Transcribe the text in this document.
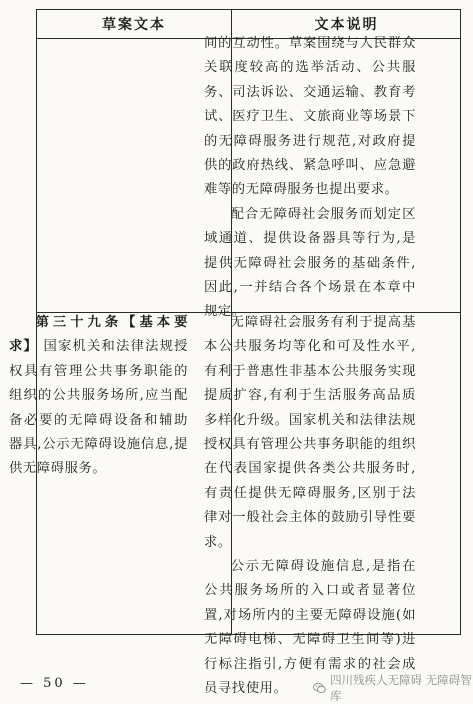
草案文本	文本说明

间的互动性。草案围绕与人民群众关联度较高的选举活动、公共服务、司法诉讼、交通运输、教育考试、医疗卫生、文旅商业等场景下的无障碍服务进行规范,对政府提供的政府热线、紧急呼叫、应急避难等的无障碍服务也提出要求。

配合无障碍社会服务而划定区域通道、提供设备器具等行为,是提供无障碍社会服务的基础条件,因此,一并结合各个场景在本章中规定。

第三十九条【基本要求】 国家机关和法律法规授权具有管理公共事务职能的组织的公共服务场所,应当配备必要的无障碍设备和辅助器具,公示无障碍设施信息,提供无障碍服务。

无障碍社会服务有利于提高基本公共服务均等化和可及性水平,有利于普惠性非基本公共服务实现提质扩容,有利于生活服务高品质多样化升级。国家机关和法律法规授权具有管理公共事务职能的组织在代表国家提供各类公共服务时,有责任提供无障碍服务,区别于法律对一般社会主体的鼓励引导性要求。

公示无障碍设施信息,是指在公共服务场所的入口或者显著位置,对场所内的主要无障碍设施(如无障碍电梯、无障碍卫生间等)进行标注指引,方便有需求的社会成员寻找使用。

— 50 —	四川残疾人无障碍 无障碍智库
